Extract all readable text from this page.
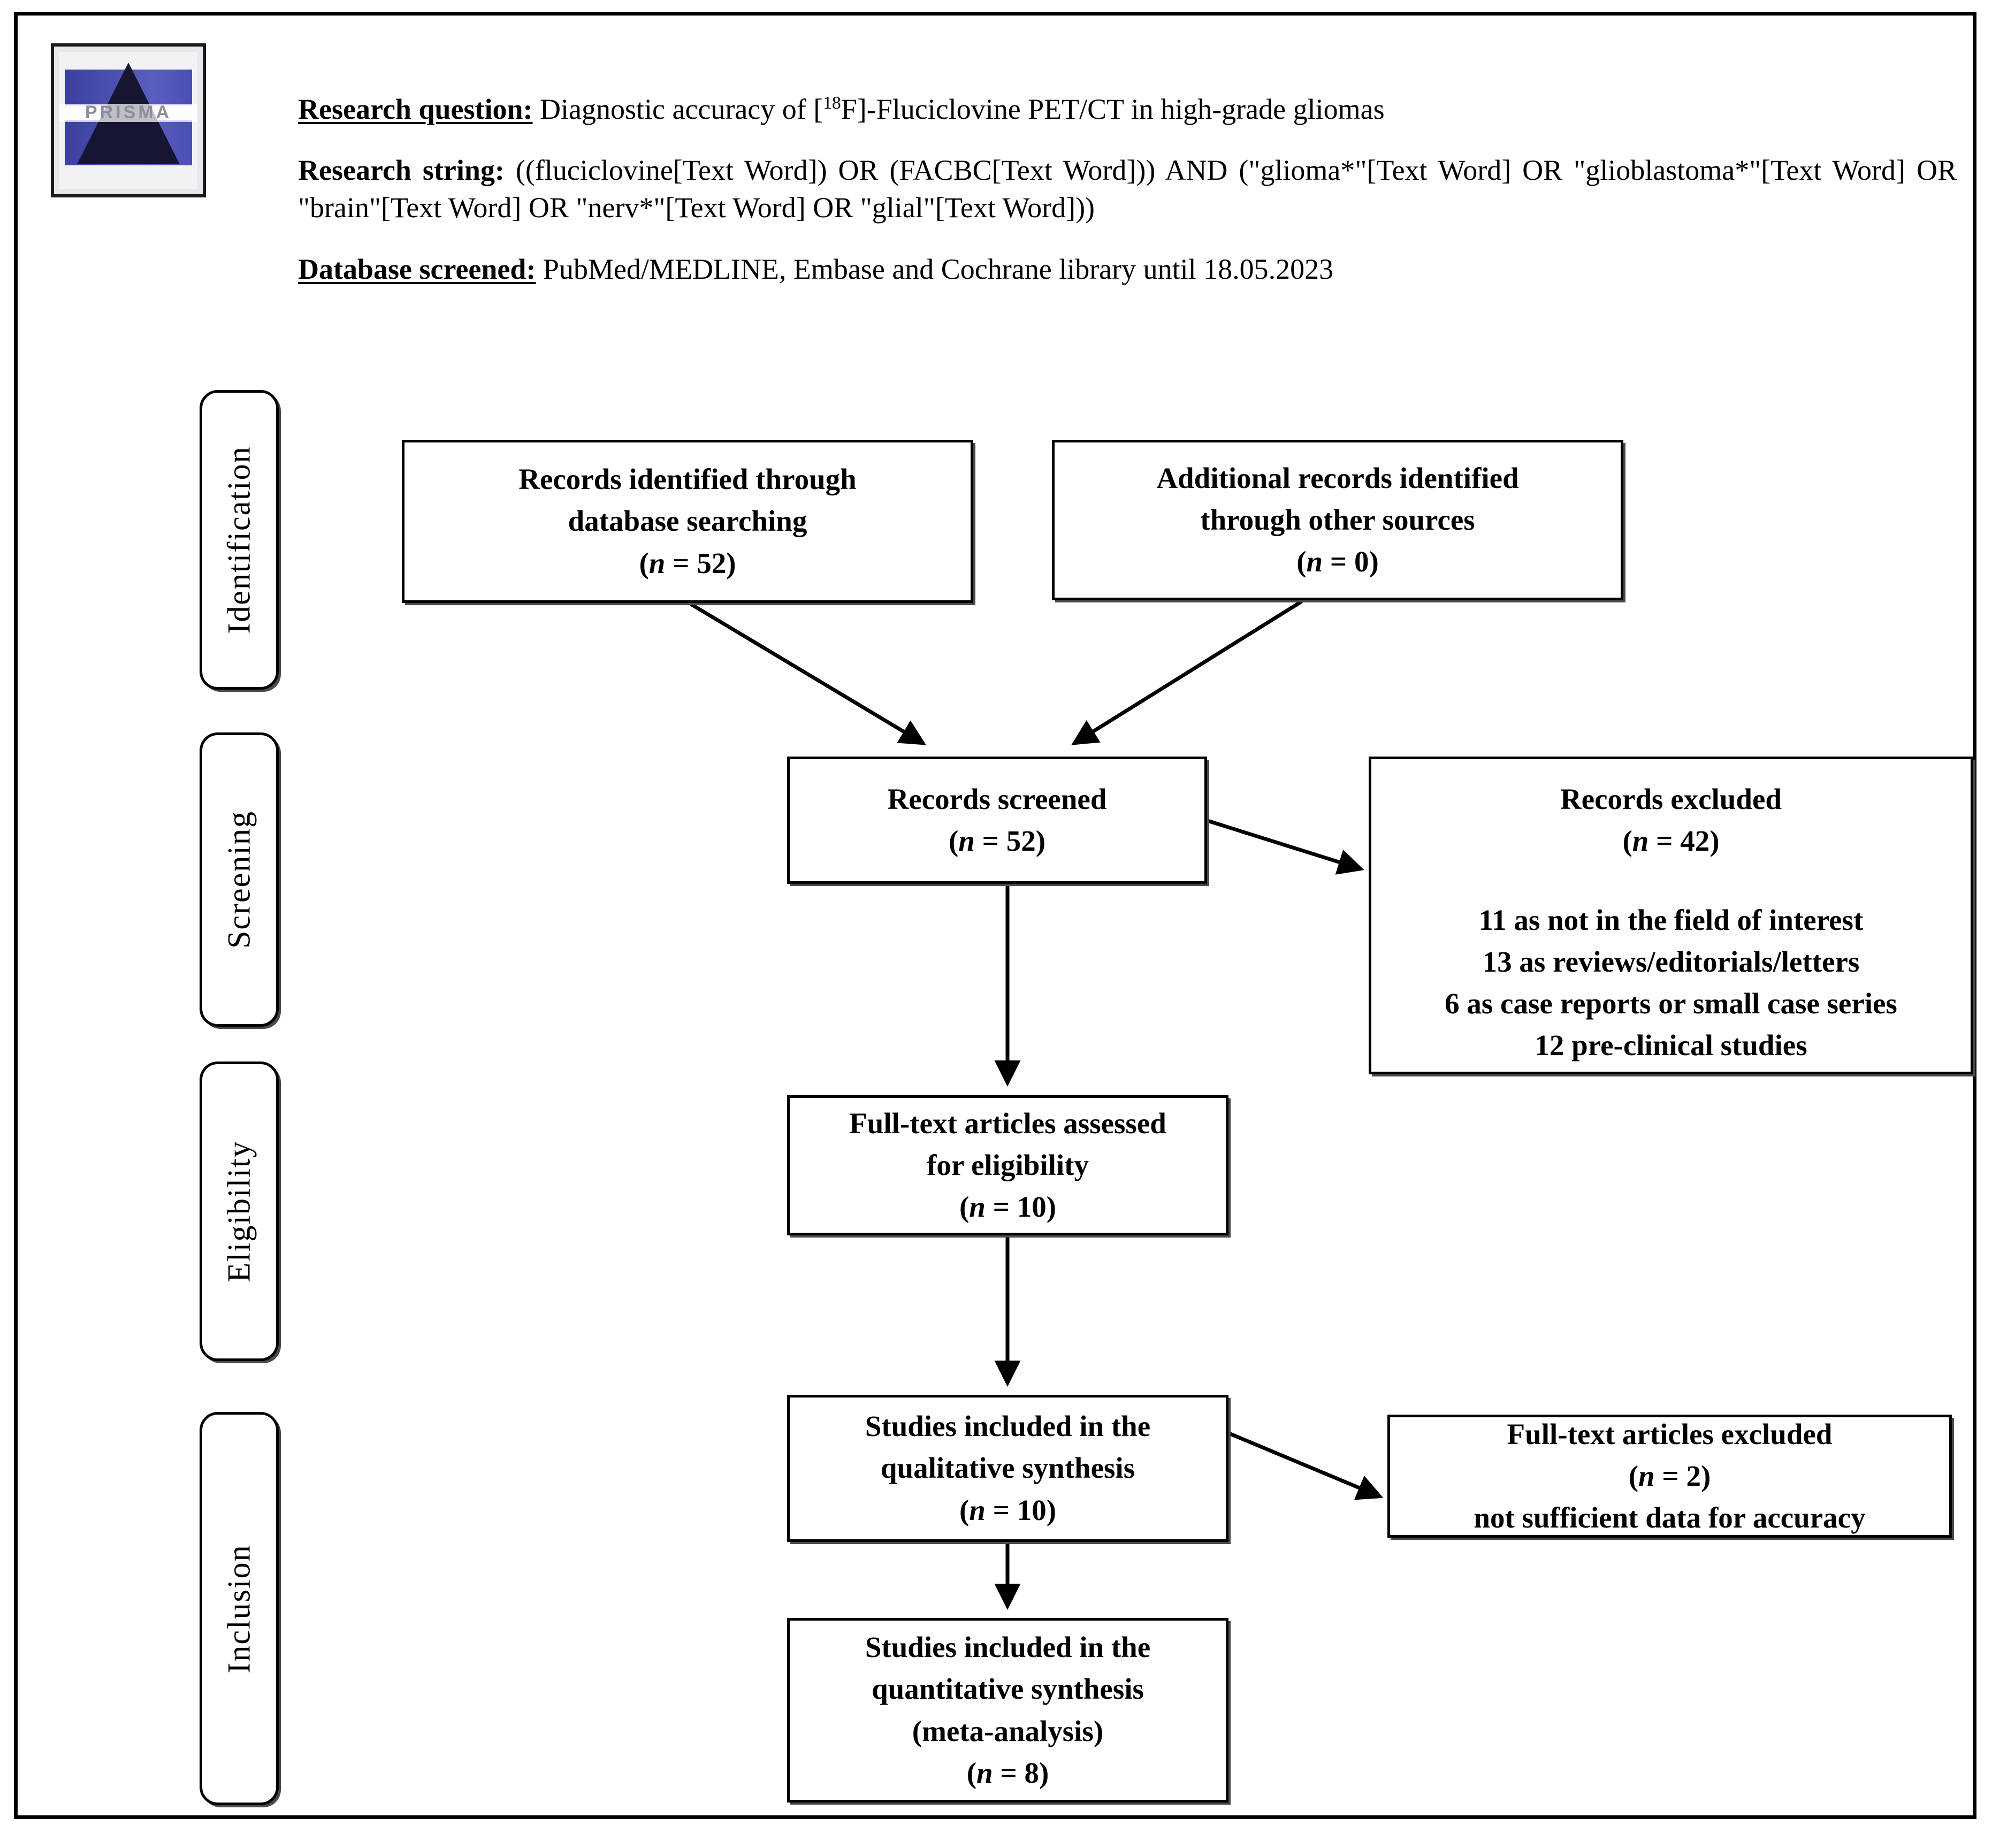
PRISMA	Research question: Diagnostic accuracy of [$^{18}$F]-Fluciclovine PET/CT in high-grade gliomas
Research string: ((fluciclovine[Text Word]) OR (FACBC[Text Word])) AND ("glioma*"[Text Word] OR "glioblastoma*"[Text Word] OR "brain"[Text Word] OR "nerv*"[Text Word] OR "glial"[Text Word]))
Database screened: PubMed/MEDLINE, Embase and Cochrane library until 18.05.2023
Identification
Screening
Eligibility
Inclusion
Records identified through
database searching
(n = 52)
Additional records identified
through other sources
(n = 0)
Records screened
(n = 52)
Records excluded
(n = 42)
11 as not in the field of interest
13 as reviews/editorials/letters
6 as case reports or small case series
12 pre-clinical studies
Full-text articles assessed
for eligibility
(n = 10)
Studies included in the
qualitative synthesis
(n = 10)
Full-text articles excluded
(n = 2)
not sufficient data for accuracy
Studies included in the
quantitative synthesis
(meta-analysis)
(n = 8)
